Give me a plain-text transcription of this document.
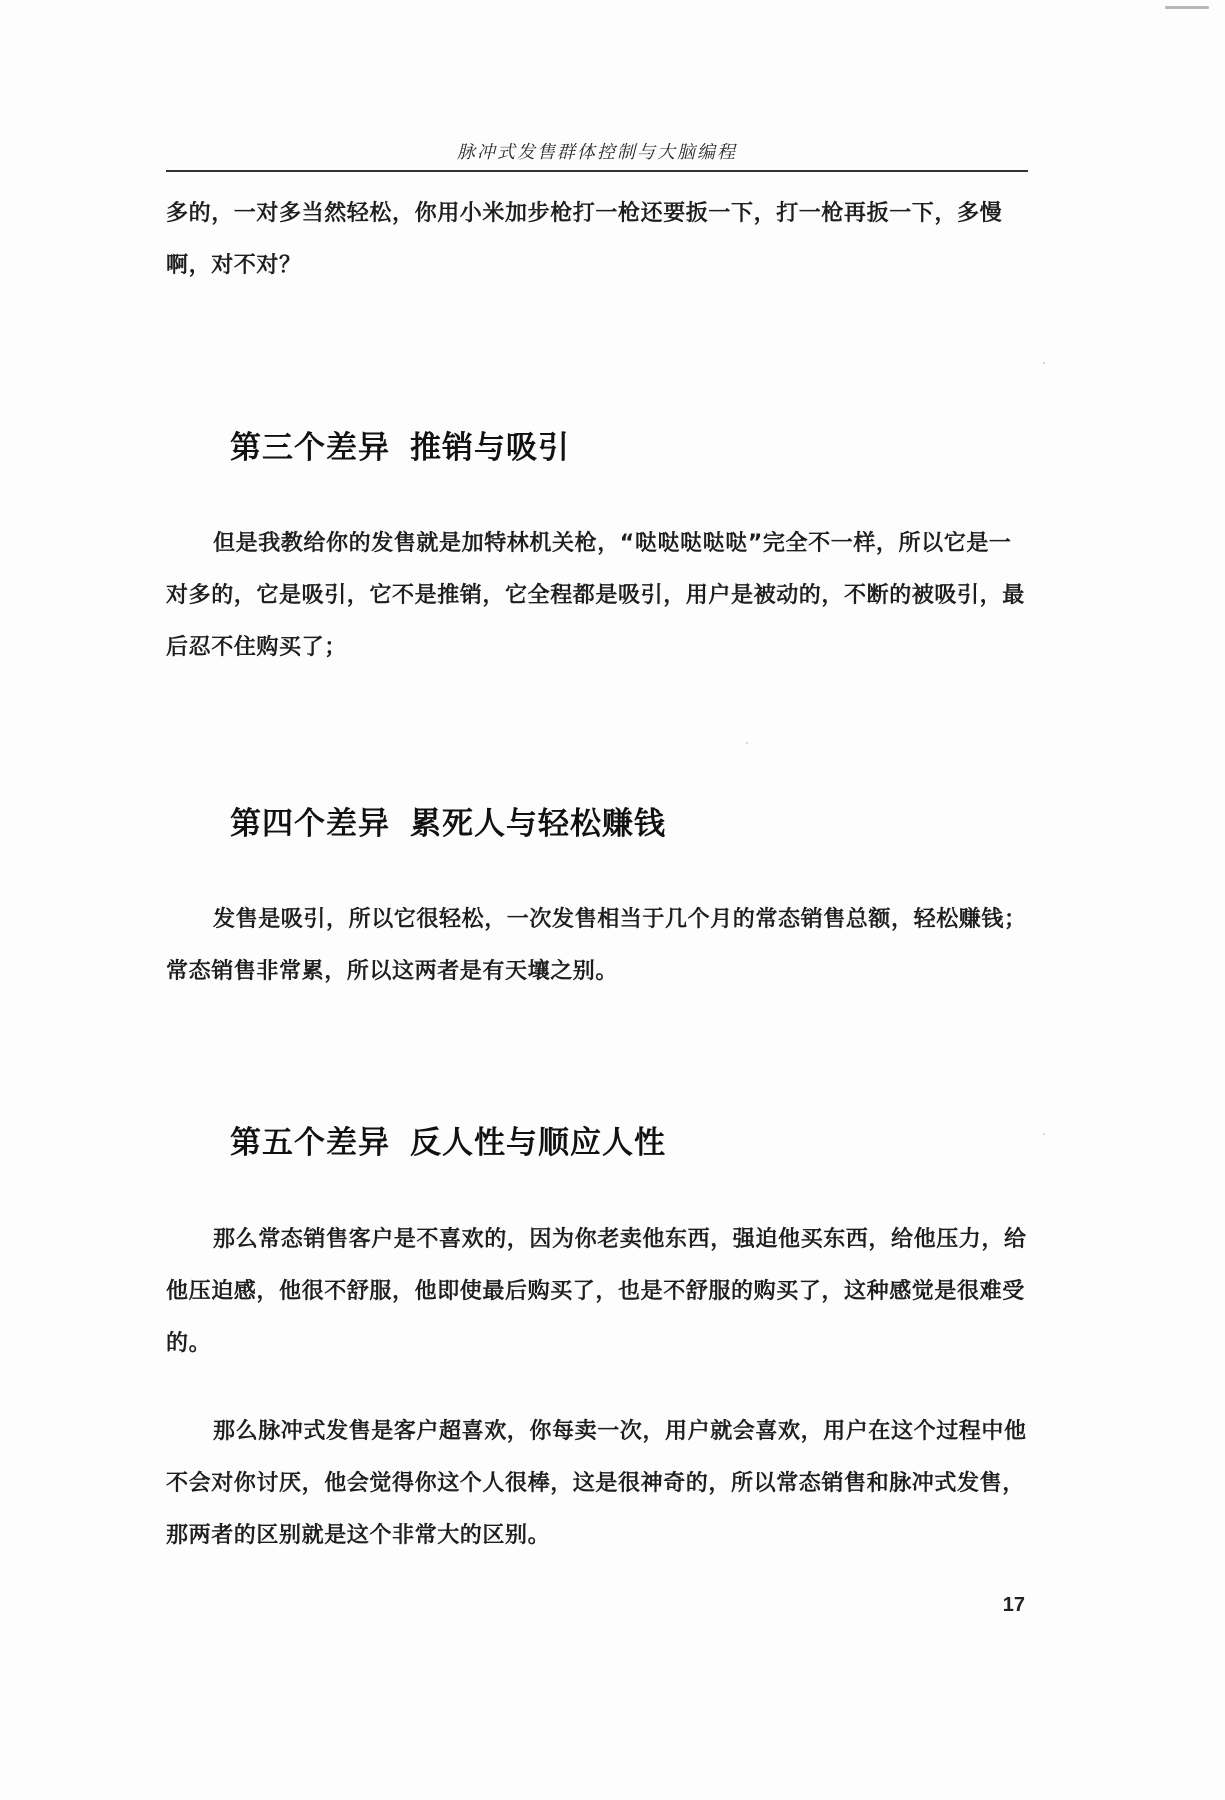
脉冲式发售群体控制与大脑编程

多的，一对多当然轻松，你用小米加步枪打一枪还要扳一下，打一枪再扳一下，多慢啊，对不对？

第三个差异 推销与吸引

但是我教给你的发售就是加特林机关枪，“哒哒哒哒哒”完全不一样，所以它是一对多的，它是吸引，它不是推销，它全程都是吸引，用户是被动的，不断的被吸引，最后忍不住购买了；

第四个差异 累死人与轻松赚钱

发售是吸引，所以它很轻松，一次发售相当于几个月的常态销售总额，轻松赚钱；常态销售非常累，所以这两者是有天壤之别。

第五个差异 反人性与顺应人性

那么常态销售客户是不喜欢的，因为你老卖他东西，强迫他买东西，给他压力，给他压迫感，他很不舒服，他即使最后购买了，也是不舒服的购买了，这种感觉是很难受的。

那么脉冲式发售是客户超喜欢，你每卖一次，用户就会喜欢，用户在这个过程中他不会对你讨厌，他会觉得你这个人很棒，这是很神奇的，所以常态销售和脉冲式发售，那两者的区别就是这个非常大的区别。

17
